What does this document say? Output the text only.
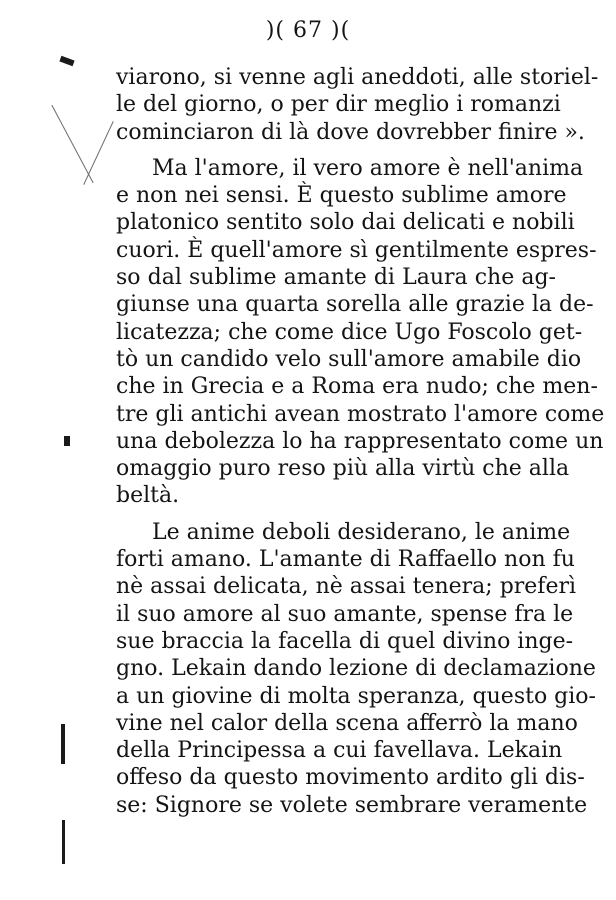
)( 67 )(
viarono, si venne agli aneddoti, alle storiel-
le del giorno, o per dir meglio i romanzi
cominciaron di là dove dovrebber finire ».
Ma l'amore, il vero amore è nell'anima
e non nei sensi. È questo sublime amore
platonico sentito solo dai delicati e nobili
cuori. È quell'amore sì gentilmente espres-
so dal sublime amante di Laura che ag-
giunse una quarta sorella alle grazie la de-
licatezza; che come dice Ugo Foscolo get-
tò un candido velo sull'amore amabile dio
che in Grecia e a Roma era nudo; che men-
tre gli antichi avean mostrato l'amore come
una debolezza lo ha rappresentato come un
omaggio puro reso più alla virtù che alla
beltà.
Le anime deboli desiderano, le anime
forti amano. L'amante di Raffaello non fu
nè assai delicata, nè assai tenera; preferì
il suo amore al suo amante, spense fra le
sue braccia la facella di quel divino inge-
gno. Lekain dando lezione di declamazione
a un giovine di molta speranza, questo gio-
vine nel calor della scena afferrò la mano
della Principessa a cui favellava. Lekain
offeso da questo movimento ardito gli dis-
se: Signore se volete sembrare veramente
